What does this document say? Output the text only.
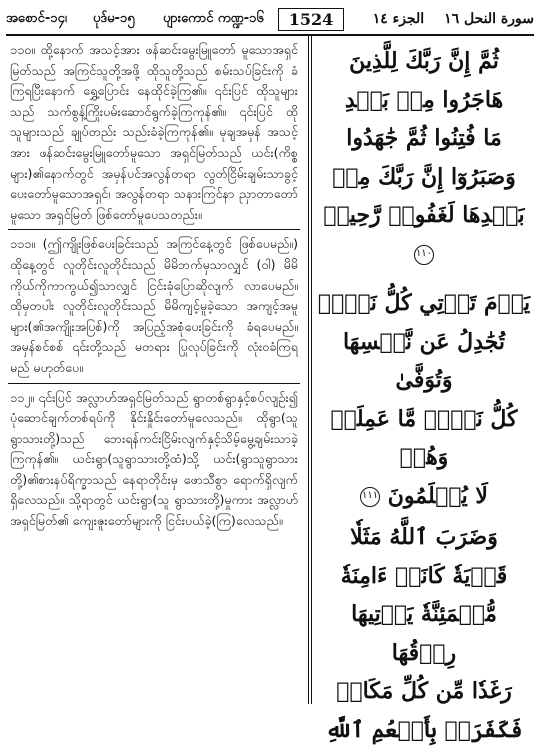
အစောင်-၁၄၊ ပုဒ်မ-၁၅ ပျားကောင် ကဏ္ဍ-၁၆	1524	سورة النحل ١٦
الجزء ١٤

၁၁၀။ ထို့နောက် အသင့်အား ဖန်ဆင်းမွေးမြူတော် မူသောအရှင်မြတ်သည် အကြင်သူတို့အဖို့ ထိုသူတို့သည် စမ်းသပ်ခြင်းကို ခံကြရပြီးနောက် ရွှေ့ပြောင်း နေထိုင်ခဲ့ကြ၏။ ၎င်းပြင် ထိုသူများသည် သက်စွန့်ကြိုးပမ်းဆောင်ရွက်ခဲ့ကြကုန်၏။ ၎င်းပြင် ထိုသူများသည် ချုပ်တည်း သည်းခံခဲ့ကြကုန်၏။ မုချအမှန် အသင့်အား ဖန်ဆင်းမွေးမြူတော်မူသော အရှင်မြတ်သည် ယင်း(ကိစ္စများ)၏နောက်တွင် အမှန်ပင်အလွန်တရာ လွတ်ငြိမ်းချမ်းသာခွင့်ပေးတော်မူသောအရှင်၊ အလွန်တရာ သနားကြင်နာ ညှာတာတော်မူသော အရှင်မြတ် ဖြစ်တော်မူပေသတည်း။

၁၁၁။ (ဤကျိုးဖြစ်ပေးခြင်းသည် အကြင်နေ့တွင် ဖြစ်ပေမည်။) ထိုနေ့တွင် လူတိုင်းလူတိုင်းသည် မိမိဘက်မှသာလျှင် (ဝါ) မိမိကိုယ်ကိုကာကွယ်၍သာလျှင် ငြင်းခုံပြောဆိုလျက် လာပေမည်။ ထိုမှတပါး လူတိုင်းလူတိုင်းသည် မိမိကျင့်မူခဲ့သော အကျင့်အမူများ(၏အကျိုးအပြစ်)ကို အပြည့်အစုံပေးခြင်းကို ခံရပေမည်။ အမှန်စင်စစ် ၎င်းတို့သည် မတရား ပြုလုပ်ခြင်းကို လုံးဝခံကြရမည် မဟုတ်ပေ။

၁၁၂။ ၎င်းပြင် အလ္လာဟ်အရှင်မြတ်သည် ရွာတစ်ရွာနှင့်စပ်လျဉ်း၍ ပုံဆောင်ချက်တစ်ရပ်ကို နိုင်းနှိုင်းတော်မူလေသည်။ ထိုရွာ(သူ ရွာသားတို့)သည် ဘေးရန်ကင်းငြိမ်းလျက်နှင့်သိမ့်မွေ့ချမ်းသာခဲ့ကြကုန်၏။ ယင်းရွာ(သူရွာသားတို့ထံ)သို့ ယင်း(ရွာသူရွာသားတို့)၏စားနပ်ရိက္ခာသည် နေရာတိုင်းမှ ဖောသီစွာ ရောက်ရှိလျက်ရှိလေသည်။ သို့ရာတွင် ယင်းရွာ(သူ ရွာသားတို့)မှုကား အလ္လာဟ်အရှင်မြတ်၏ ကျေးဇူးတော်များကို ငြင်းပယ်ခဲ့(ကြ)လေသည်။

ثُمَّ إِنَّ رَبَّكَ لِلَّذِينَ
هَاجَرُوا مِنۢ بَعۡدِ
مَا فُتِنُوا ثُمَّ جَٰهَدُوا
وَصَبَرُوٓا إِنَّ رَبَّكَ مِنۢ
بَعۡدِهَا لَغَفُورٞ رَّحِيمٞ ١١٠
يَوۡمَ تَأۡتِي كُلُّ نَفۡسٖ
تُجَٰدِلُ عَن نَّفۡسِهَا وَتُوَفَّىٰ
كُلُّ نَفۡسٖ مَّا عَمِلَتۡ وَهُمۡ
لَا يُظۡلَمُونَ ١١١
وَضَرَبَ ٱللَّهُ مَثَلٗا
قَرۡيَةٗ كَانَتۡ ءَامِنَةٗ
مُّطۡمَئِنَّةٗ يَأۡتِيهَا رِزۡقُهَا
رَغَدٗا مِّن كُلِّ مَكَانٖ
فَكَفَرَتۡ بِأَنۡعُمِ ٱللَّهِ
